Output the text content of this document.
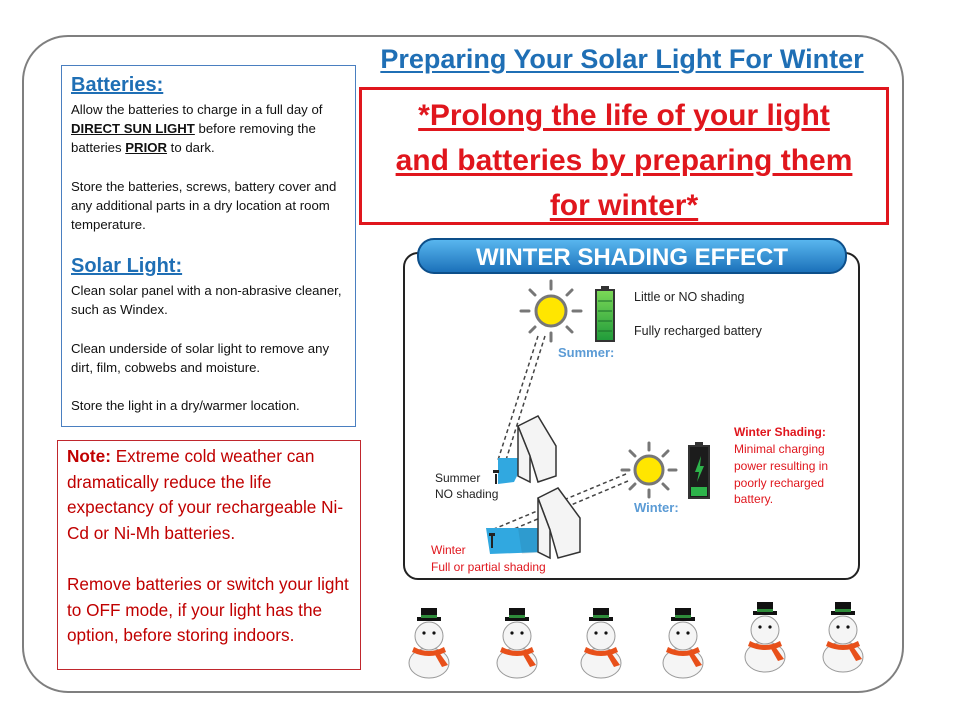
Preparing Your Solar Light For Winter
Batteries:

Allow the batteries to charge in a full day of DIRECT SUN LIGHT before removing the batteries PRIOR to dark.

Store the batteries, screws, battery cover and any additional parts in a dry location at room temperature.

Solar Light:

Clean solar panel with a non-abrasive cleaner, such as Windex.

Clean underside of solar light to remove any dirt, film, cobwebs and moisture.

Store the light in a dry/warmer location.

Note: Extreme cold weather can dramatically reduce the life expectancy of your rechargeable Ni-Cd or Ni-Mh batteries.

Remove batteries or switch your light to OFF mode, if your light has the option, before storing indoors.

*Prolong the life of your light
and batteries by preparing them
for winter*
WINTER SHADING EFFECT
Little or NO shading
Fully recharged battery
Summer:
Summer
NO shading
Winter:
Winter Shading:
Minimal charging
power resulting in
poorly recharged
battery.
Winter
Full or partial shading
